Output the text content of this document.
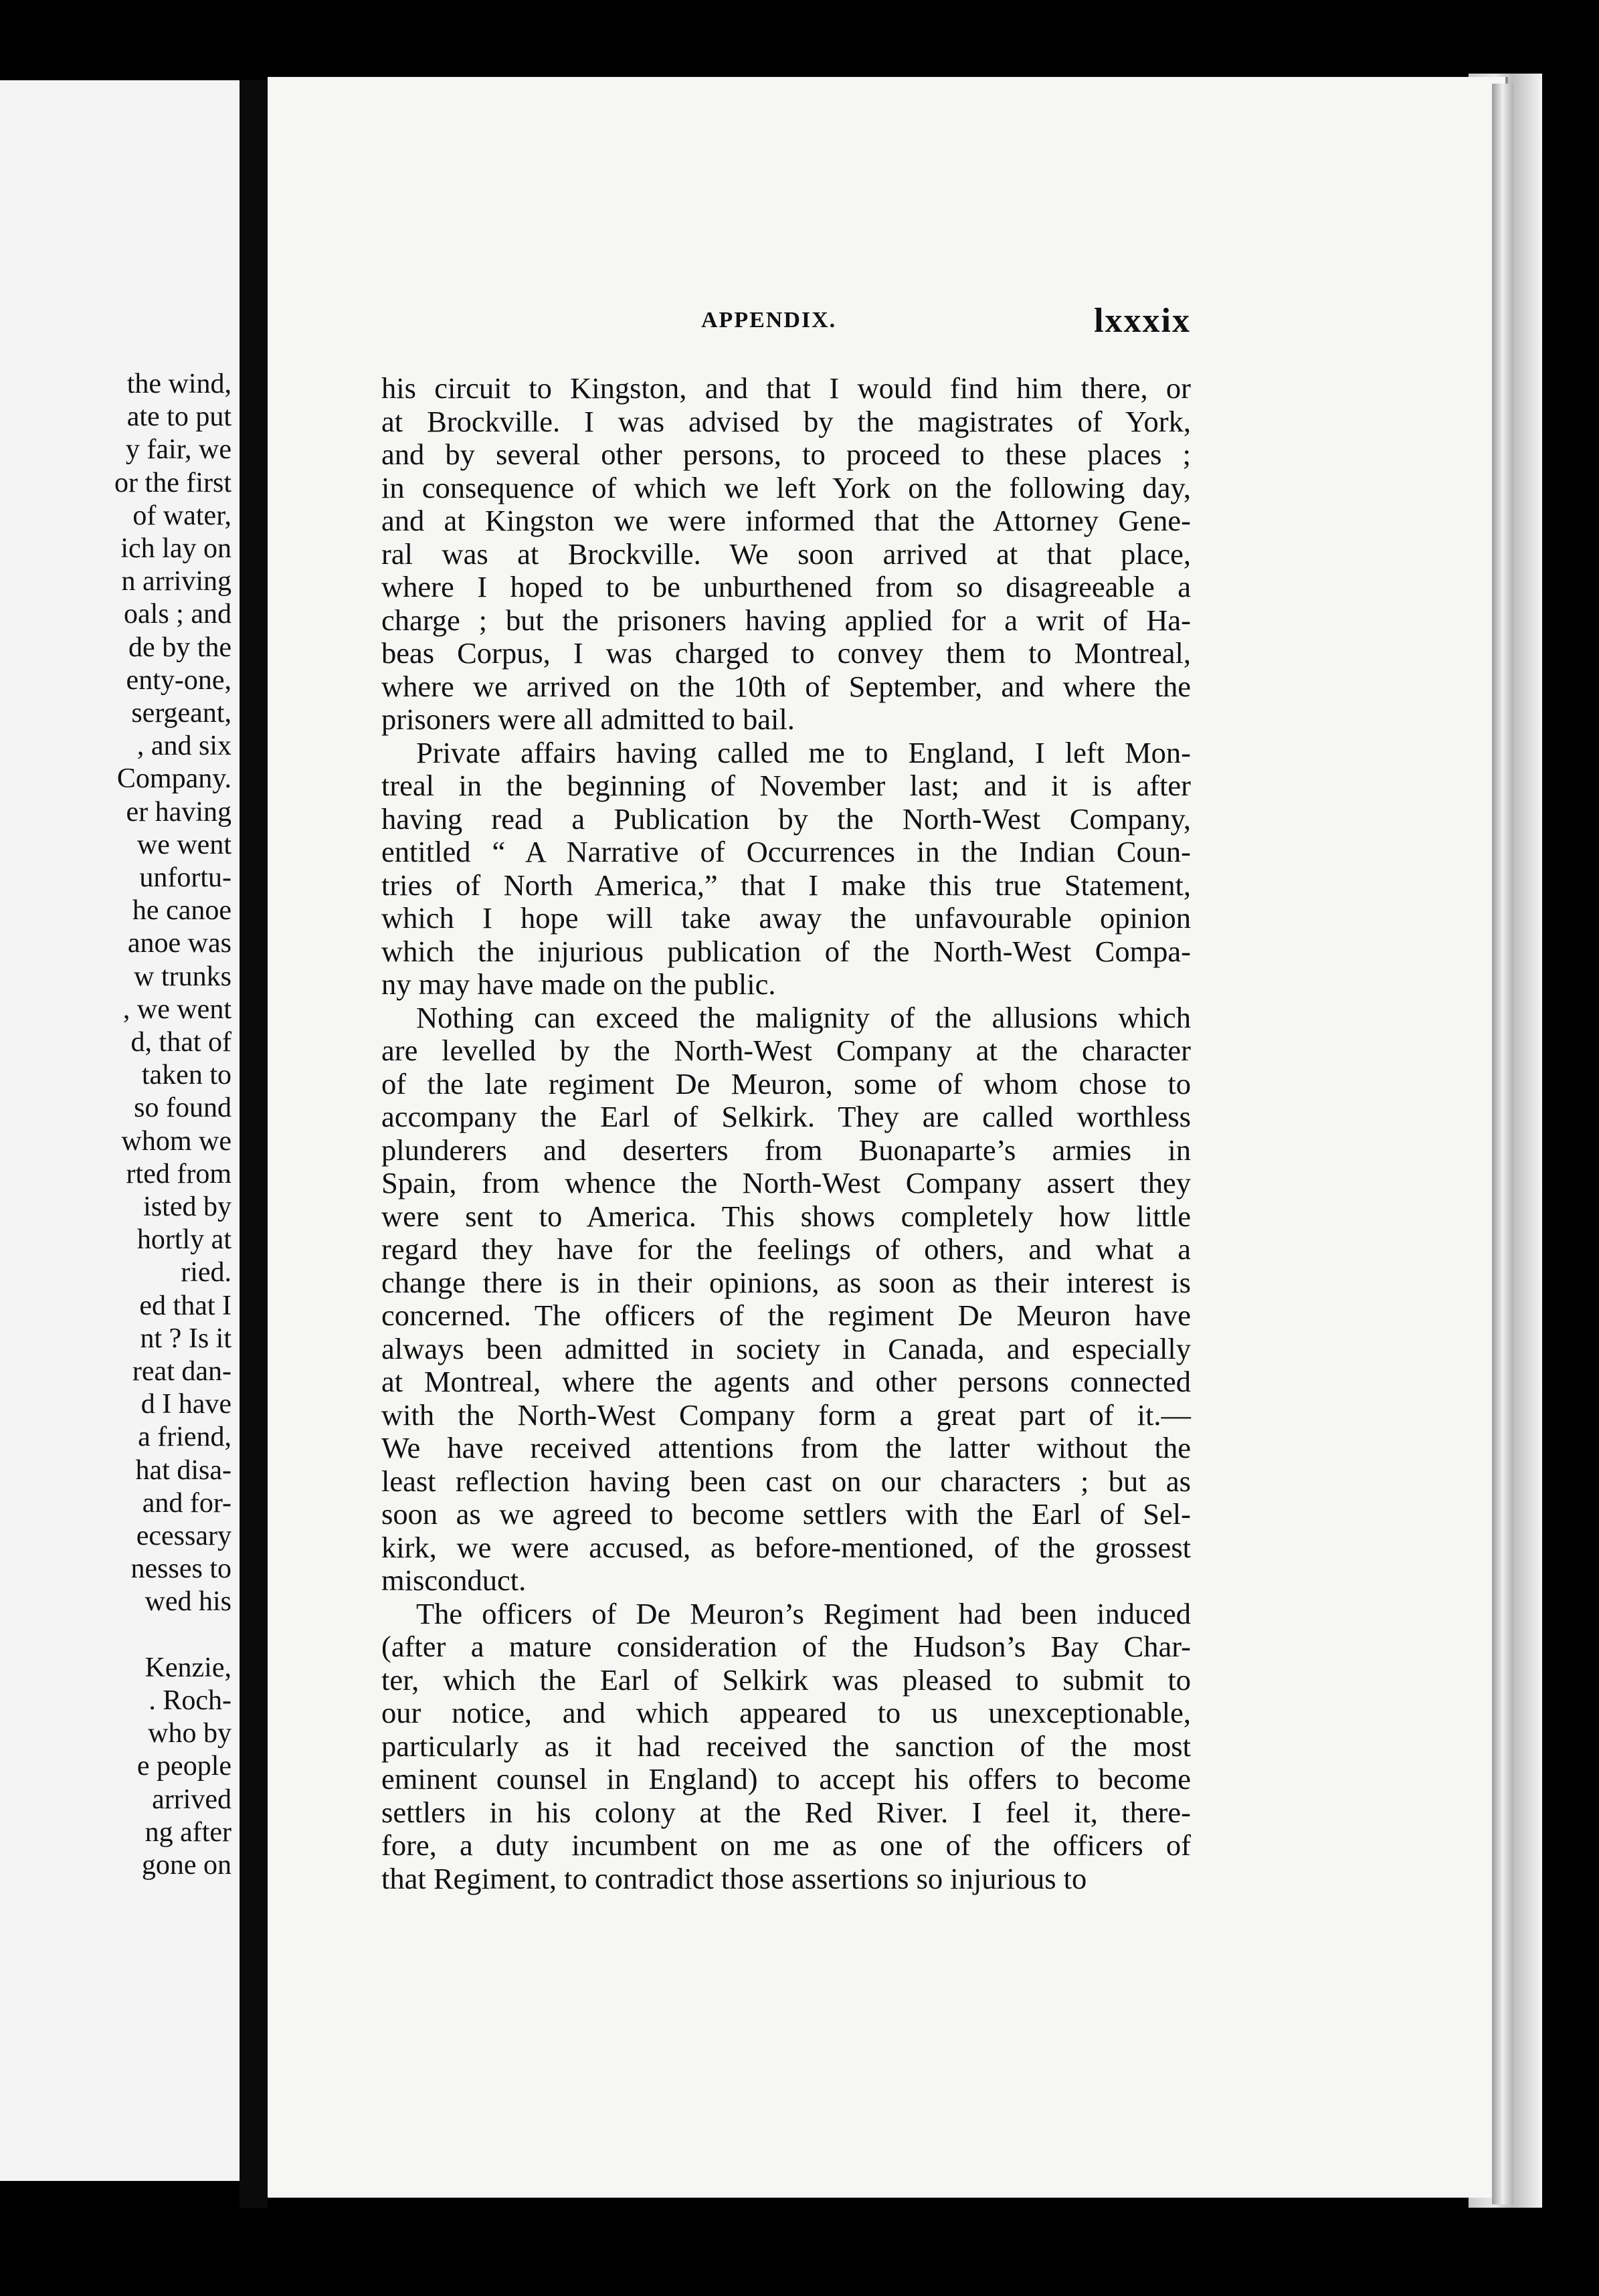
the wind,
ate to put
y fair, we
or the first
of water,
ich lay on
n arriving
oals ; and
de by the
enty-one,
sergeant,
, and six
Company.
er having
we went
unfortu-
he canoe
anoe was
w trunks
, we went
d, that of
taken to
so found
whom we
rted from
isted by
hortly at
ried.
ed that I
nt ? Is it
reat dan-
d I have
a friend,
hat disa-
and for-
ecessary
nesses to
wed his
Kenzie,
. Roch-
who by
e people
arrived
ng after
gone on
APPENDIX.	lxxxix
his circuit to Kingston, and that I would find him there, or
at Brockville. I was advised by the magistrates of York,
and by several other persons, to proceed to these places ;
in consequence of which we left York on the following day,
and at Kingston we were informed that the Attorney Gene-
ral was at Brockville. We soon arrived at that place,
where I hoped to be unburthened from so disagreeable a
charge ; but the prisoners having applied for a writ of Ha-
beas Corpus, I was charged to convey them to Montreal,
where we arrived on the 10th of September, and where the
prisoners were all admitted to bail.
Private affairs having called me to England, I left Mon-
treal in the beginning of November last; and it is after
having read a Publication by the North-West Company,
entitled “ A Narrative of Occurrences in the Indian Coun-
tries of North America,” that I make this true Statement,
which I hope will take away the unfavourable opinion
which the injurious publication of the North-West Compa-
ny may have made on the public.
Nothing can exceed the malignity of the allusions which
are levelled by the North-West Company at the character
of the late regiment De Meuron, some of whom chose to
accompany the Earl of Selkirk. They are called worthless
plunderers and deserters from Buonaparte’s armies in
Spain, from whence the North-West Company assert they
were sent to America. This shows completely how little
regard they have for the feelings of others, and what a
change there is in their opinions, as soon as their interest is
concerned. The officers of the regiment De Meuron have
always been admitted in society in Canada, and especially
at Montreal, where the agents and other persons connected
with the North-West Company form a great part of it.—
We have received attentions from the latter without the
least reflection having been cast on our characters ; but as
soon as we agreed to become settlers with the Earl of Sel-
kirk, we were accused, as before-mentioned, of the grossest
misconduct.
The officers of De Meuron’s Regiment had been induced
(after a mature consideration of the Hudson’s Bay Char-
ter, which the Earl of Selkirk was pleased to submit to
our notice, and which appeared to us unexceptionable,
particularly as it had received the sanction of the most
eminent counsel in England) to accept his offers to become
settlers in his colony at the Red River. I feel it, there-
fore, a duty incumbent on me as one of the officers of
that Regiment, to contradict those assertions so injurious to
